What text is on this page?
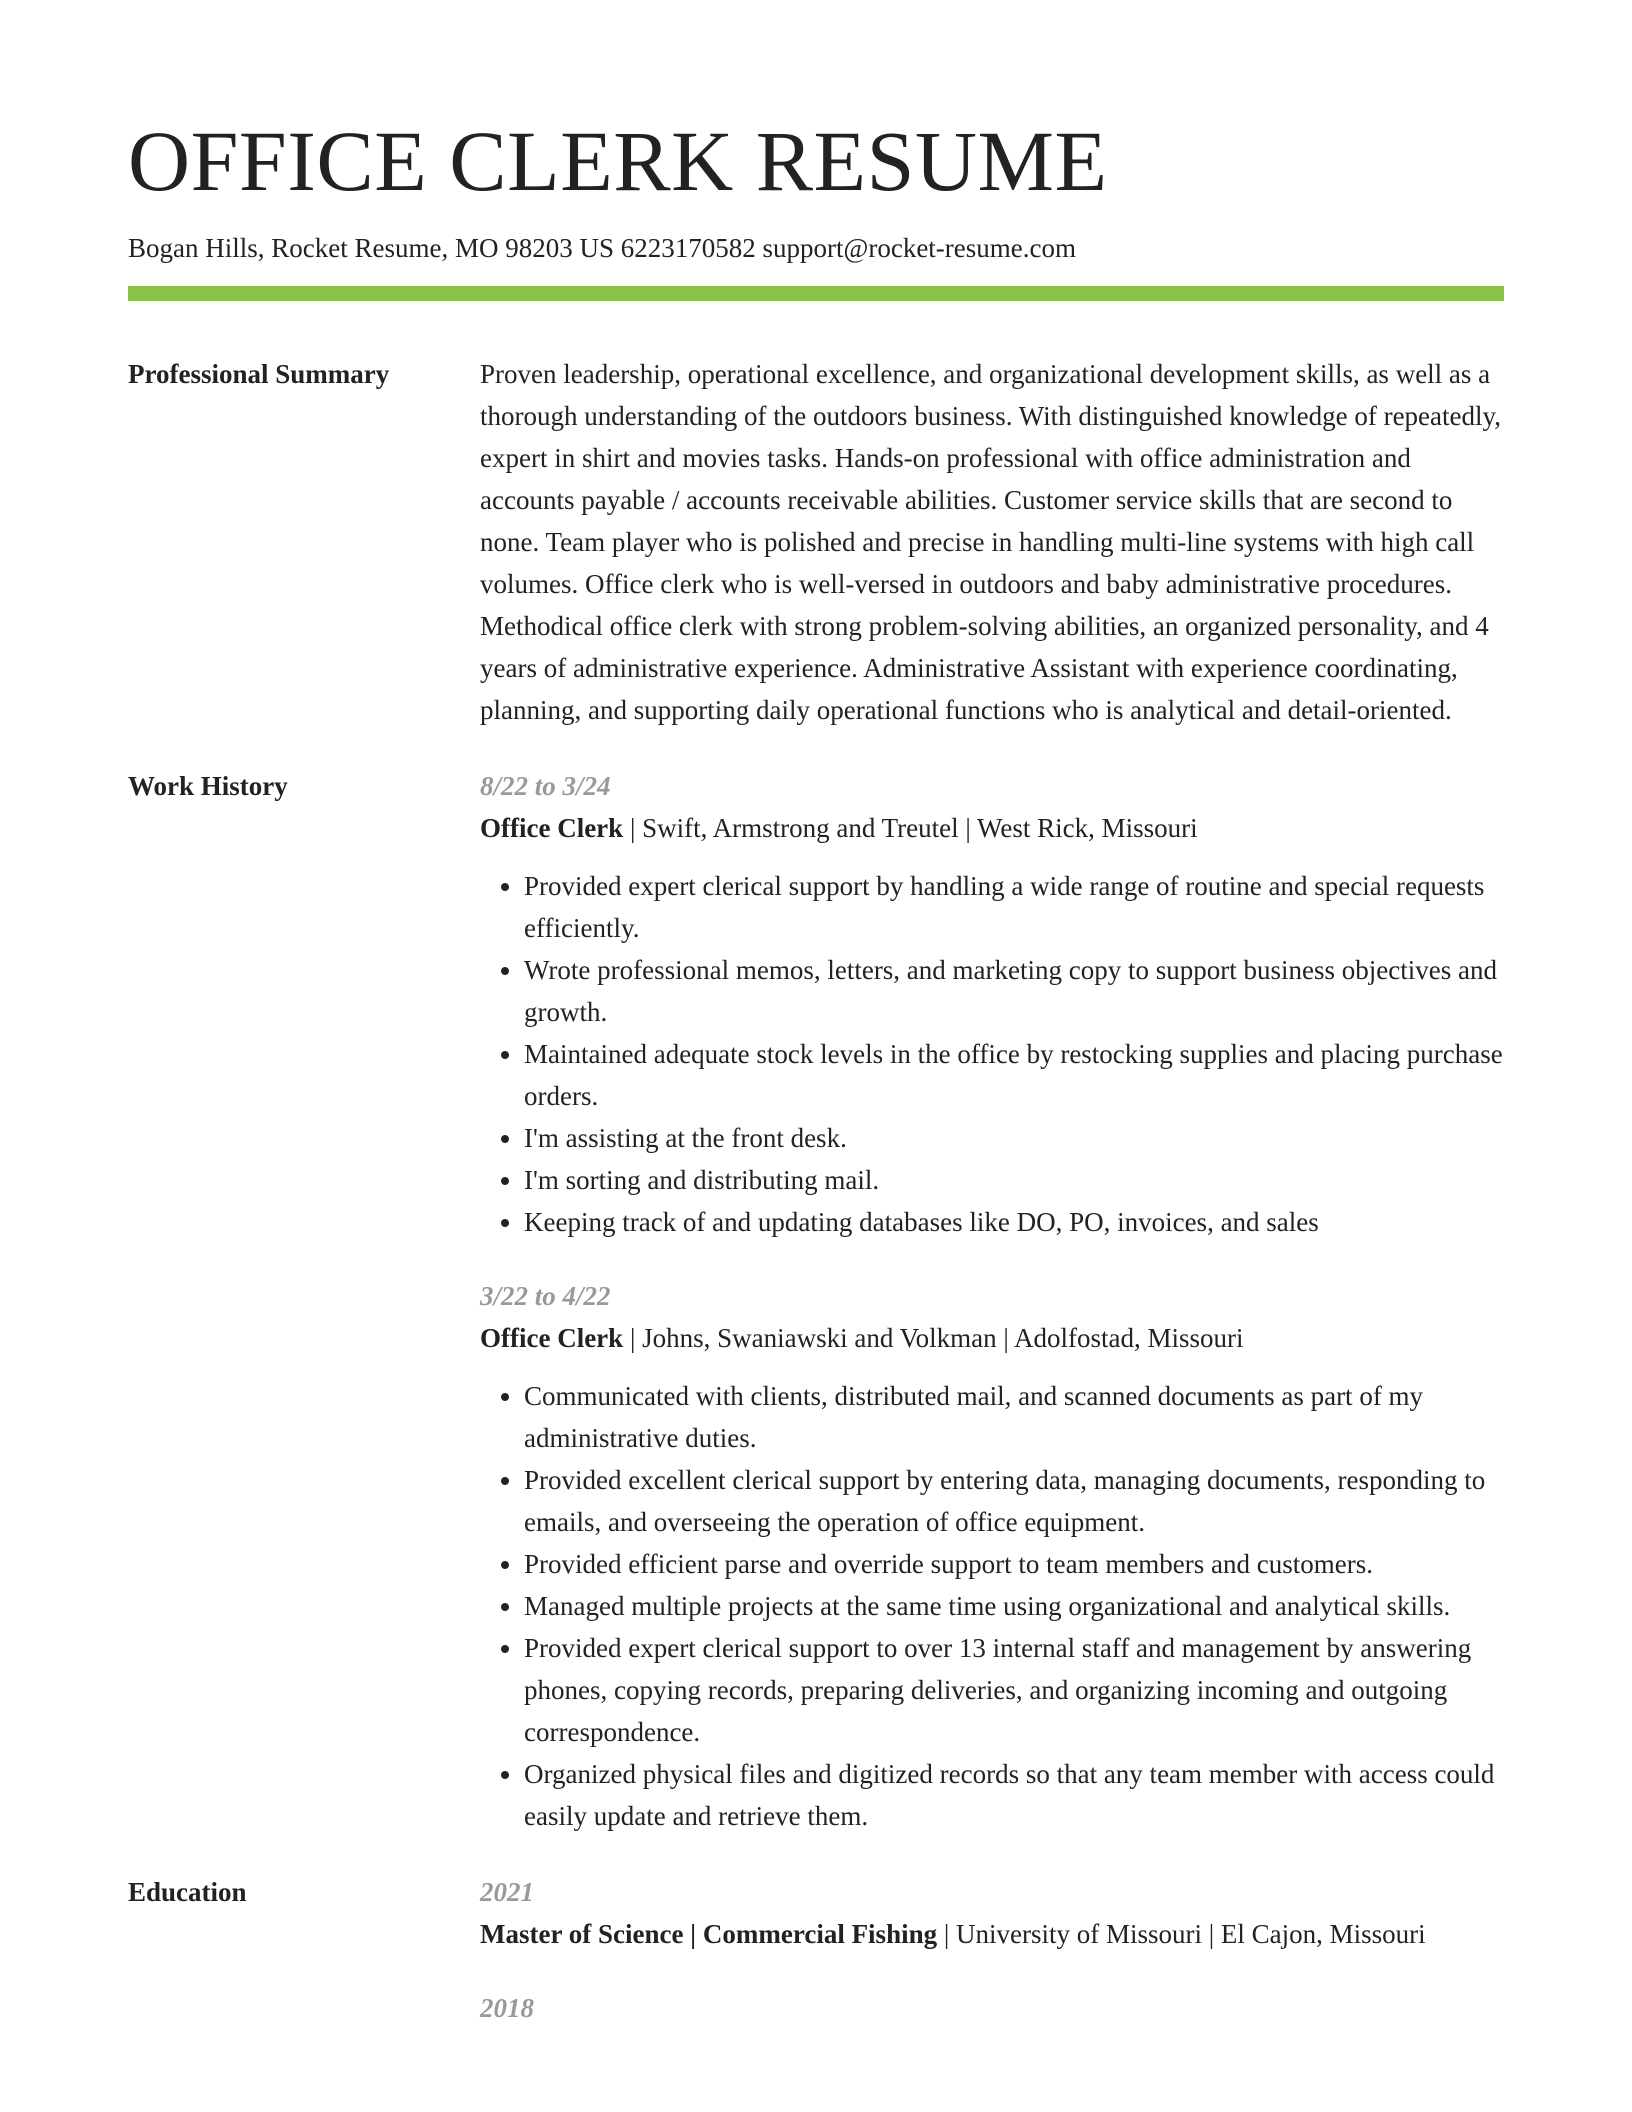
OFFICE CLERK RESUME
Bogan Hills, Rocket Resume, MO 98203 US 6223170582 support@rocket-resume.com
Professional Summary	Proven leadership, operational excellence, and organizational development skills, as well as a thorough understanding of the outdoors business. With distinguished knowledge of repeatedly, expert in shirt and movies tasks. Hands-on professional with office administration and accounts payable / accounts receivable abilities. Customer service skills that are second to none. Team player who is polished and precise in handling multi-line systems with high call volumes. Office clerk who is well-versed in outdoors and baby administrative procedures. Methodical office clerk with strong problem-solving abilities, an organized personality, and 4 years of administrative experience. Administrative Assistant with experience coordinating, planning, and supporting daily operational functions who is analytical and detail-oriented.

Work History	8/22 to 3/24
Office Clerk | Swift, Armstrong and Treutel | West Rick, Missouri
• Provided expert clerical support by handling a wide range of routine and special requests efficiently.
• Wrote professional memos, letters, and marketing copy to support business objectives and growth.
• Maintained adequate stock levels in the office by restocking supplies and placing purchase orders.
• I'm assisting at the front desk.
• I'm sorting and distributing mail.
• Keeping track of and updating databases like DO, PO, invoices, and sales
3/22 to 4/22
Office Clerk | Johns, Swaniawski and Volkman | Adolfostad, Missouri
• Communicated with clients, distributed mail, and scanned documents as part of my administrative duties.
• Provided excellent clerical support by entering data, managing documents, responding to emails, and overseeing the operation of office equipment.
• Provided efficient parse and override support to team members and customers.
• Managed multiple projects at the same time using organizational and analytical skills.
• Provided expert clerical support to over 13 internal staff and management by answering phones, copying records, preparing deliveries, and organizing incoming and outgoing correspondence.
• Organized physical files and digitized records so that any team member with access could easily update and retrieve them.
Education	2021
Master of Science | Commercial Fishing | University of Missouri | El Cajon, Missouri
2018
